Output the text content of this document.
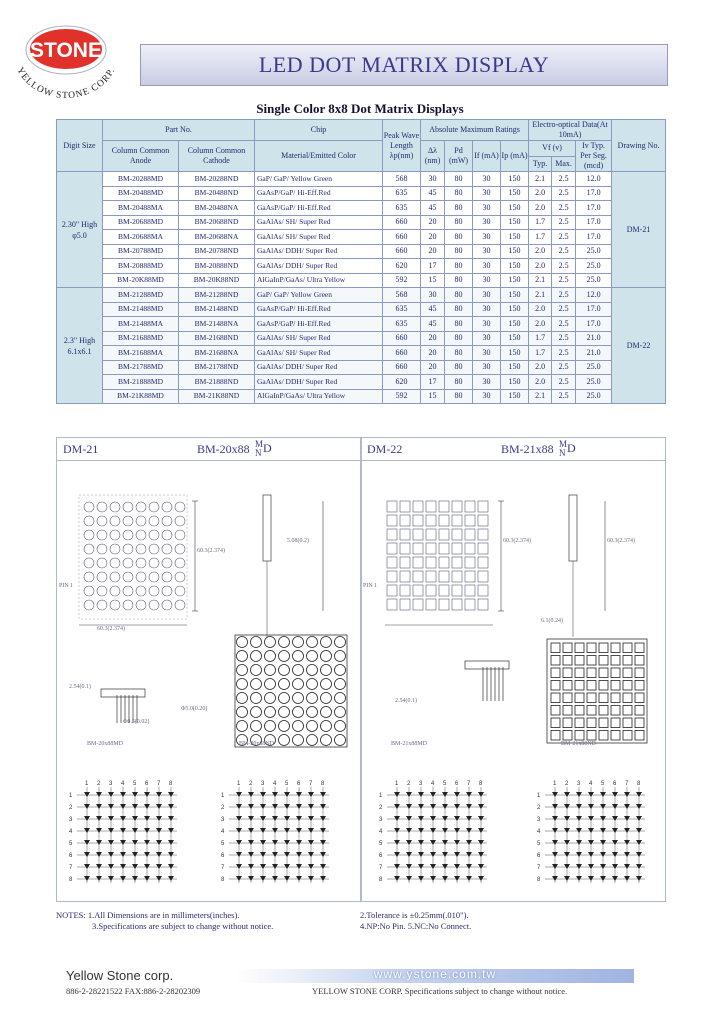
STONE
YELLOW STONE CORP.	LED DOT MATRIX DISPLAY
Single Color 8x8 Dot Matrix Displays
Digit Size	Part No.		Chip	Peak Wave Length λp(nm)	Absolute Maximum Ratings				Electro-optical Data(At 10mA)			Drawing No.
	Column Common Anode	Column Common Cathode	Material/Emitted Color		Δλ (nm)	Pd (mW)	If (mA)	Ip (mA)	Vf (v)		Iv Typ. Per Seg. (mcd)	
									Typ.	Max.		
2.30" High φ5.0	BM-20288MD	BM-20288ND	GaP/ GaP/ Yellow Green	568	30	80	30	150	2.1	2.5	12.0	DM-21
	BM-20488MD	BM-20488ND	GaAsP/GaP/ Hi-Eff.Red	635	45	80	30	150	2.0	2.5	17.0	
	BM-20488MA	BM-20488NA	GaAsP/GaP/ Hi-Eff.Red	635	45	80	30	150	2.0	2.5	17.0	
	BM-20688MD	BM-20688ND	GaAlAs/ SH/ Super Red	660	20	80	30	150	1.7	2.5	17.0	
	BM-20688MA	BM-20688NA	GaAlAs/ SH/ Super Red	660	20	80	30	150	1.7	2.5	17.0	
	BM-20788MD	BM-20788ND	GaAlAs/ DDH/ Super Red	660	20	80	30	150	2.0	2.5	25.0	
	BM-20888MD	BM-20888ND	GaAlAs/ DDH/ Super Red	620	17	80	30	150	2.0	2.5	25.0	
	BM-20K88MD	BM-20K88ND	AlGaInP/GaAs/ Ultra Yellow	592	15	80	30	150	2.1	2.5	25.0	
2.3" High 6.1x6.1	BM-21288MD	BM-21288ND	GaP/ GaP/ Yellow Green	568	30	80	30	150	2.1	2.5	12.0	DM-22
	BM-21488MD	BM-21488ND	GaAsP/GaP/ Hi-Eff.Red	635	45	80	30	150	2.0	2.5	17.0	
	BM-21488MA	BM-21488NA	GaAsP/GaP/ Hi-Eff.Red	635	45	80	30	150	2.0	2.5	17.0	
	BM-21688MD	BM-21688ND	GaAlAs/ SH/ Super Red	660	20	80	30	150	1.7	2.5	21.0	
	BM-21688MA	BM-21688NA	GaAlAs/ SH/ Super Red	660	20	80	30	150	1.7	2.5	21.0	
	BM-21788MD	BM-21788ND	GaAlAs/ DDH/ Super Red	660	20	80	30	150	2.0	2.5	25.0	
	BM-21888MD	BM-21888ND	GaAlAs/ DDH/ Super Red	620	17	80	30	150	2.0	2.5	25.0	
	BM-21K88MD	BM-21K88ND	AlGaInP/GaAs/ Ultra Yellow	592	15	80	30	150	2.1	2.5	25.0	
DM-21	BM-20x88 M
N D
1 2 3 4 5 6 7 8
1
2
3
4
5
6
7
8
1 2 3 4 5 6 7 8
1
2
3
4
5
6
7
8
PIN 1
60.3(2.374)
60.3(2.374)
5.08(0.2)
2.54(0.1)
Φ5.0(0.20)
Φ0.5(0.02)
BM-20x88MD	BM-20x88ND
DM-22	BM-21x88 M
N D
1 2 3 4 5 6 7 8
1
2
3
4
5
6
7
8
1 2 3 4 5 6 7 8
1
2
3
4
5
6
7
8
PIN 1
60.3(2.374)	60.3(2.374)
6.1(0.24)
2.54(0.1)
BM-21x88MD	BM-21x88ND
NOTES: 1.All Dimensions are in millimeters(inches).	2.Tolerance is ±0.25mm(.010").
3.Specifications are subject to change without notice.	4.NP:No Pin. 5.NC:No Connect.
Yellow Stone corp.	www.ystone.com.tw
886-2-28221522 FAX:886-2-28202309	YELLOW STONE CORP. Specifications subject to change without notice.
